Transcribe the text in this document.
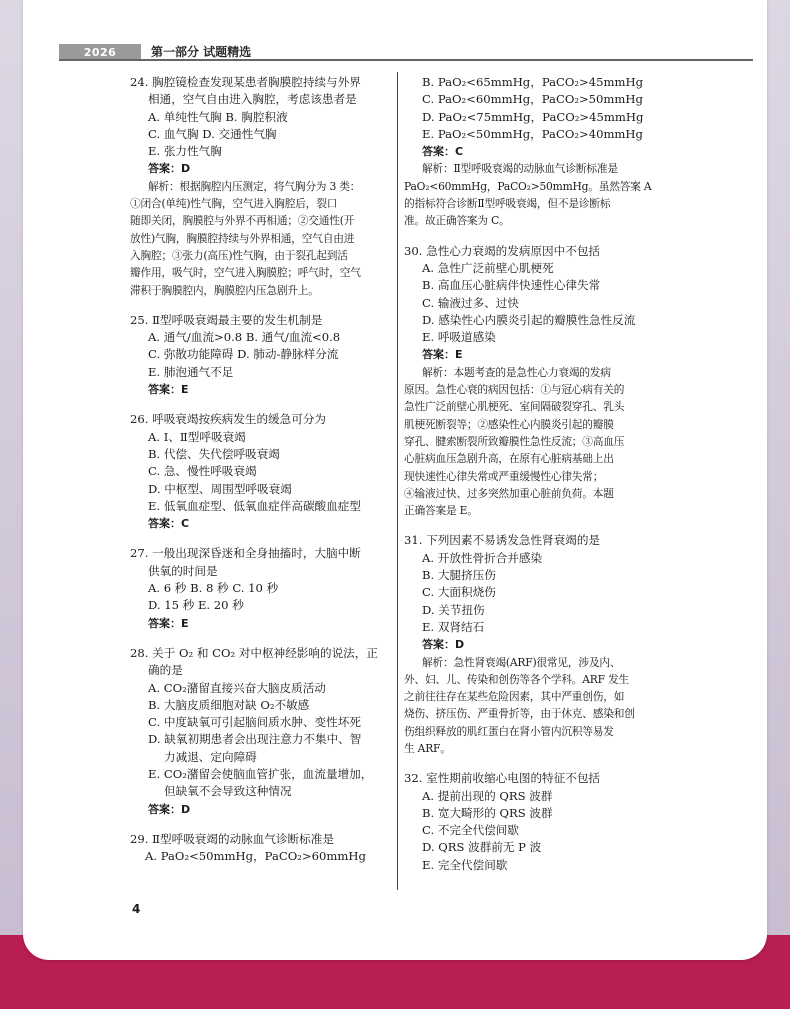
2026	第一部分 试题精选
24. 胸腔镜检查发现某患者胸膜腔持续与外界
相通，空气自由进入胸腔，考虑该患者是
A. 单纯性气胸 B. 胸腔积液
C. 血气胸 D. 交通性气胸
E. 张力性气胸
答案：D
解析：根据胸腔内压测定，将气胸分为 3 类：
①闭合(单纯)性气胸，空气进入胸腔后，裂口
随即关闭，胸膜腔与外界不再相通；②交通性(开
放性)气胸，胸膜腔持续与外界相通，空气自由进
入胸腔；③张力(高压)性气胸，由于裂孔起到活
瓣作用，吸气时，空气进入胸膜腔；呼气时，空气
滞积于胸膜腔内，胸膜腔内压急剧升上。
25. Ⅱ型呼吸衰竭最主要的发生机制是
A. 通气/血流>0.8 B. 通气/血流<0.8
C. 弥散功能障碍 D. 肺动-静脉样分流
E. 肺泡通气不足
答案：E
26. 呼吸衰竭按疾病发生的缓急可分为
A. Ⅰ、Ⅱ型呼吸衰竭
B. 代偿、失代偿呼吸衰竭
C. 急、慢性呼吸衰竭
D. 中枢型、周围型呼吸衰竭
E. 低氧血症型、低氧血症伴高碳酸血症型
答案：C
27. 一般出现深昏迷和全身抽搐时，大脑中断
供氧的时间是
A. 6 秒 B. 8 秒 C. 10 秒
D. 15 秒 E. 20 秒
答案：E
28. 关于 O₂ 和 CO₂ 对中枢神经影响的说法，正
确的是
A. CO₂潴留直接兴奋大脑皮质活动
B. 大脑皮质细胞对缺 O₂不敏感
C. 中度缺氧可引起脑间质水肿、变性坏死
D. 缺氧初期患者会出现注意力不集中、智
力减退、定向障碍
E. CO₂潴留会使脑血管扩张，血流量增加，
但缺氧不会导致这种情况
答案：D
29. Ⅱ型呼吸衰竭的动脉血气诊断标准是
A. PaO₂<50mmHg，PaCO₂>60mmHg
B. PaO₂<65mmHg，PaCO₂>45mmHg
C. PaO₂<60mmHg，PaCO₂>50mmHg
D. PaO₂<75mmHg，PaCO₂>45mmHg
E. PaO₂<50mmHg，PaCO₂>40mmHg
答案：C
解析：Ⅱ型呼吸衰竭的动脉血气诊断标准是
PaO₂<60mmHg，PaCO₂>50mmHg。虽然答案 A
的指标符合诊断Ⅱ型呼吸衰竭，但不是诊断标
准。故正确答案为 C。
30. 急性心力衰竭的发病原因中不包括
A. 急性广泛前壁心肌梗死
B. 高血压心脏病伴快速性心律失常
C. 输液过多、过快
D. 感染性心内膜炎引起的瓣膜性急性反流
E. 呼吸道感染
答案：E
解析：本题考查的是急性心力衰竭的发病
原因。急性心衰的病因包括：①与冠心病有关的
急性广泛前壁心肌梗死、室间隔破裂穿孔、乳头
肌梗死断裂等；②感染性心内膜炎引起的瓣膜
穿孔、腱索断裂所致瓣膜性急性反流；③高血压
心脏病血压急剧升高，在原有心脏病基础上出
现快速性心律失常或严重缓慢性心律失常；
④输液过快、过多突然加重心脏前负荷。本题
正确答案是 E。
31. 下列因素不易诱发急性肾衰竭的是
A. 开放性骨折合并感染
B. 大腿挤压伤
C. 大面积烧伤
D. 关节扭伤
E. 双肾结石
答案：D
解析：急性肾衰竭(ARF)很常见，涉及内、
外、妇、儿、传染和创伤等各个学科。ARF 发生
之前往往存在某些危险因素，其中严重创伤，如
烧伤、挤压伤、严重骨折等，由于休克、感染和创
伤组织释放的肌红蛋白在肾小管内沉积等易发
生 ARF。
32. 室性期前收缩心电图的特征不包括
A. 提前出现的 QRS 波群
B. 宽大畸形的 QRS 波群
C. 不完全代偿间歇
D. QRS 波群前无 P 波
E. 完全代偿间歇
4
